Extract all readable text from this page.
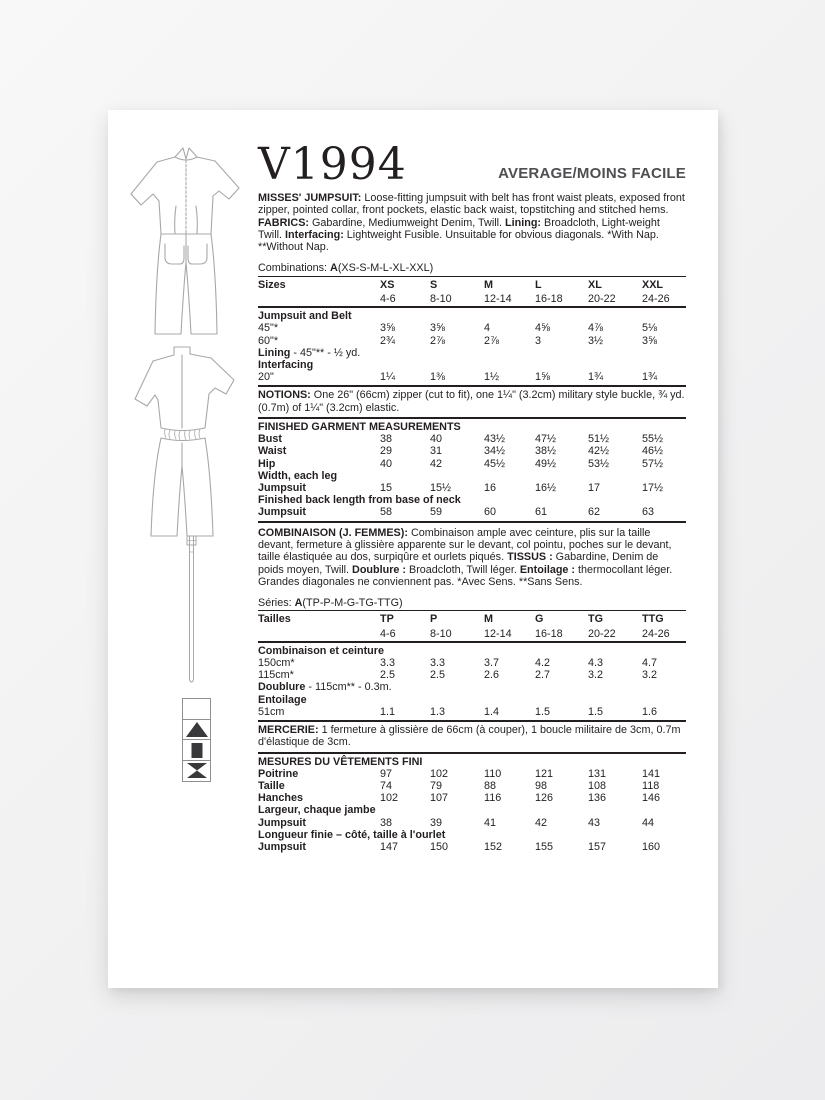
V1994	AVERAGE/MOINS FACILE

MISSES' JUMPSUIT: Loose-fitting jumpsuit with belt has front waist pleats, exposed front zipper, pointed collar, front pockets, elastic back waist, topstitching and stitched hems. FABRICS: Gabardine, Mediumweight Denim, Twill. Lining: Broadcloth, Light-weight Twill. Interfacing: Lightweight Fusible. Unsuitable for obvious diagonals. *With Nap. **Without Nap.

Combinations: A(XS-S-M-L-XL-XXL)

Sizes	XS	S	M	L	XL	XXL
	4-6	8-10	12-14	16-18	20-22	24-26
Jumpsuit and Belt						
45"*	3⅝	3⅝	4	4⅝	4⅞	5⅛
60"*	2¾	2⅞	2⅞	3	3½	3⅝
Lining - 45"** - ½ yd.						
Interfacing						
20"	1¼	1⅜	1½	1⅝	1¾	1¾

NOTIONS: One 26" (66cm) zipper (cut to fit), one 1¼" (3.2cm) military style buckle, ¾ yd. (0.7m) of 1¼" (3.2cm) elastic.

FINISHED GARMENT MEASUREMENTS						
Bust	38	40	43½	47½	51½	55½
Waist	29	31	34½	38½	42½	46½
Hip	40	42	45½	49½	53½	57½
Width, each leg						
Jumpsuit	15	15½	16	16½	17	17½
Finished back length from base of neck						
Jumpsuit	58	59	60	61	62	63

COMBINAISON (J. FEMMES): Combinaison ample avec ceinture, plis sur la taille devant, fermeture à glissière apparente sur le devant, col pointu, poches sur le devant, taille élastiquée au dos, surpiqûre et ourlets piqués. TISSUS : Gabardine, Denim de poids moyen, Twill. Doublure : Broadcloth, Twill léger. Entoilage : thermocollant léger. Grandes diagonales ne conviennent pas. *Avec Sens. **Sans Sens.

Séries: A(TP-P-M-G-TG-TTG)

Tailles	TP	P	M	G	TG	TTG
	4-6	8-10	12-14	16-18	20-22	24-26
Combinaison et ceinture						
150cm*	3.3	3.3	3.7	4.2	4.3	4.7
115cm*	2.5	2.5	2.6	2.7	3.2	3.2
Doublure - 115cm** - 0.3m.						
Entoilage						
51cm	1.1	1.3	1.4	1.5	1.5	1.6

MERCERIE: 1 fermeture à glissière de 66cm (à couper), 1 boucle militaire de 3cm, 0.7m d'élastique de 3cm.

MESURES DU VÊTEMENTS FINI						
Poitrine	97	102	110	121	131	141
Taille	74	79	88	98	108	118
Hanches	102	107	116	126	136	146
Largeur, chaque jambe						
Jumpsuit	38	39	41	42	43	44
Longueur finie – côté, taille à l'ourlet						
Jumpsuit	147	150	152	155	157	160
